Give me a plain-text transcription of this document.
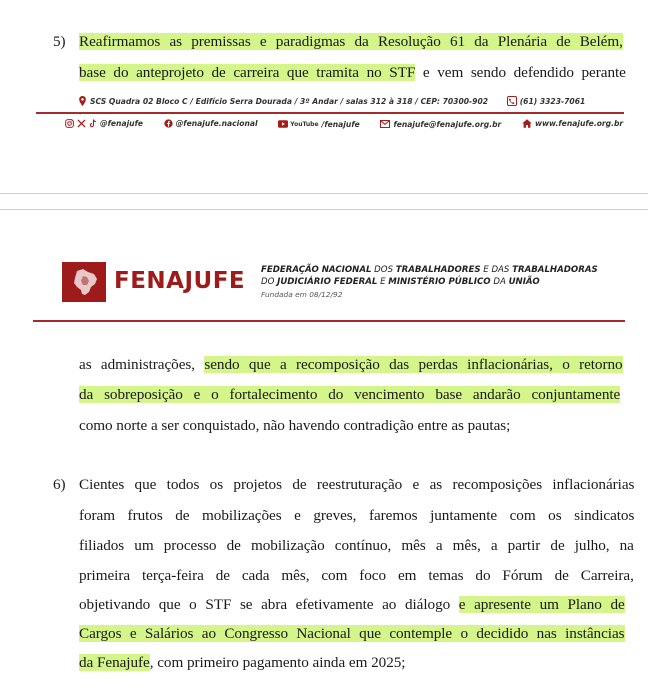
5) Reafirmamos as premissas e paradigmas da Resolução 61 da Plenária de Belém,
base do anteprojeto de carreira que tramita no STF e vem sendo defendido perante
SCS Quadra 02 Bloco C / Edifício Serra Dourada / 3º Andar / salas 312 à 318 / CEP: 70300-902
	(61) 3323-7061
@fenajufe
	@fenajufe.nacional
	YouTube /fenajufe
	fenajufe@fenajufe.org.br
	www.fenajufe.org.br
FENAJUFE FEDERAÇÃO NACIONAL DOS TRABALHADORES E DAS TRABALHADORAS
DO JUDICIÁRIO FEDERAL E MINISTÉRIO PÚBLICO DA UNIÃO
Fundada em 08/12/92
as administrações, sendo que a recomposição das perdas inflacionárias, o retorno
da sobreposição e o fortalecimento do vencimento base andarão conjuntamente
como norte a ser conquistado, não havendo contradição entre as pautas;
6) Cientes que todos os projetos de reestruturação e as recomposições inflacionárias
foram frutos de mobilizações e greves, faremos juntamente com os sindicatos
filiados um processo de mobilização contínuo, mês a mês, a partir de julho, na
primeira terça-feira de cada mês, com foco em temas do Fórum de Carreira,
objetivando que o STF se abra efetivamente ao diálogo e apresente um Plano de
Cargos e Salários ao Congresso Nacional que contemple o decidido nas instâncias
da Fenajufe, com primeiro pagamento ainda em 2025;
